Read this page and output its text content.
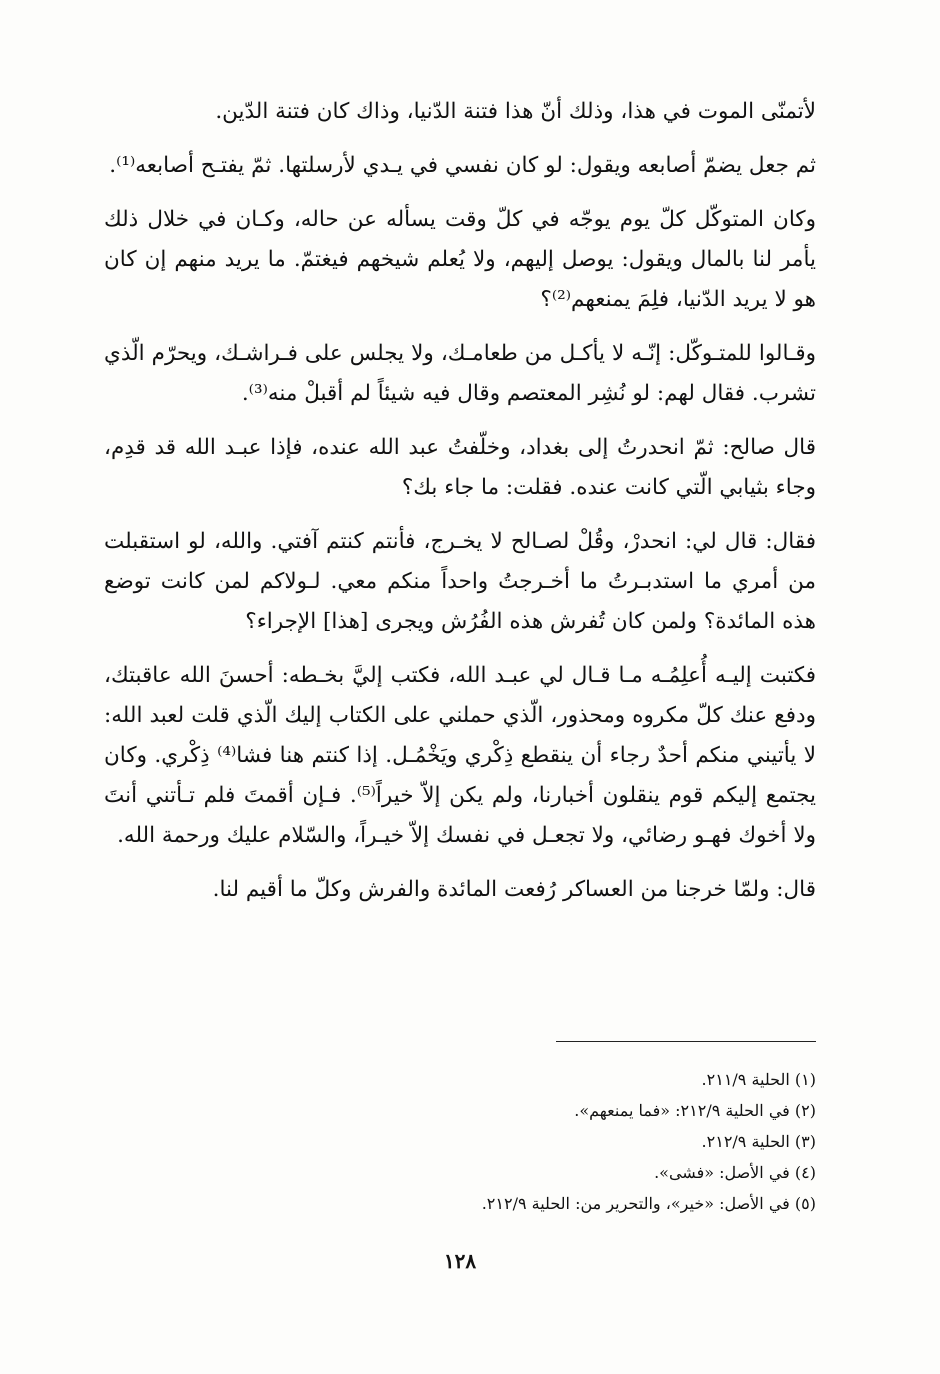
لأتمنّى الموت في هذا، وذلك أنّ هذا فتنة الدّنيا، وذاك كان فتنة الدّين.

ثم جعل يضمّ أصابعه ويقول: لو كان نفسي في يـدي لأرسلتها. ثمّ يفتـح أصابعه⁽¹⁾.

وكان المتوكّل كلّ يوم يوجّه في كلّ وقت يسأله عن حاله، وكـان في خلال ذلك يأمر لنا بالمال ويقول: يوصل إليهم، ولا يُعلم شيخهم فيغتمّ. ما يريد منهم إن كان هو لا يريد الدّنيا، فلِمَ يمنعهم⁽²⁾؟

وقـالوا للمتـوكّل: إنّـه لا يأكـل من طعامـك، ولا يجلس على فـراشـك، ويحرّم الّذي تشرب. فقال لهم: لو نُشِر المعتصم وقال فيه شيئاً لم أقبلْ منه⁽³⁾.

قال صالح: ثمّ انحدرتُ إلى بغداد، وخلّفتُ عبد الله عنده، فإذا عبـد الله قد قدِم، وجاء بثيابي الّتي كانت عنده. فقلت: ما جاء بك؟

فقال: قال لي: انحدرْ، وقُلْ لصـالح لا يخـرج، فأنتم كنتم آفتي. والله، لو استقبلت من أمري ما استدبـرتُ ما أخـرجتُ واحداً منكم معي. لـولاكم لمن كانت توضع هذه المائدة؟ ولمن كان تُفرش هذه الفُرُش ويجرى [هذا] الإجراء؟

فكتبت إليـه أُعلِمُـه مـا قـال لي عبـد الله، فكتب إليَّ بخـطه: أحسنَ الله عاقبتك، ودفع عنك كلّ مكروه ومحذور، الّذي حملني على الكتاب إليك الّذي قلت لعبد الله: لا يأتيني منكم أحدٌ رجاء أن ينقطع ذِكْري ويَخْمُـل. إذا كنتم هنا فشا⁽⁴⁾ ذِكْري. وكان يجتمع إليكم قوم ينقلون أخبارنا، ولم يكن إلاّ خيراً⁽⁵⁾. فـإن أقمتَ فلم تـأتني أنتَ ولا أخوك فهـو رضائي، ولا تجعـل في نفسك إلاّ خيـراً، والسّلام عليك ورحمة الله.

قال: ولمّا خرجنا من العساكر رُفعت المائدة والفرش وكلّ ما أقيم لنا.

(١) الحلية ٢١١/٩.
(٢) في الحلية ٢١٢/٩: «فما يمنعهم».
(٣) الحلية ٢١٢/٩.
(٤) في الأصل: «فشى».
(٥) في الأصل: «خير»، والتحرير من: الحلية ٢١٢/٩.
١٢٨
